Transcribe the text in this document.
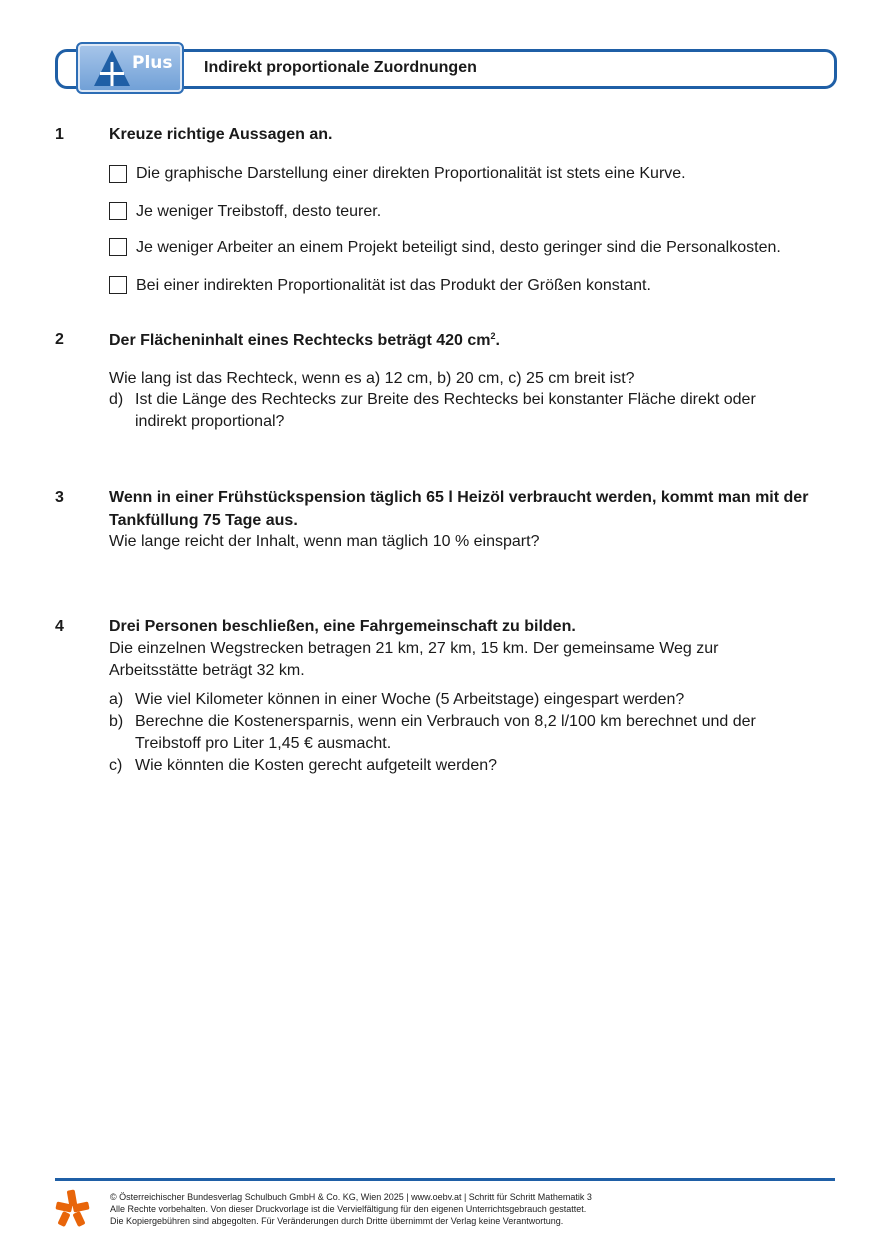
Plus Indirekt proportionale Zuordnungen
1	Kreuze richtige Aussagen an.
Die graphische Darstellung einer direkten Proportionalität ist stets eine Kurve.
Je weniger Treibstoff, desto teurer.
Je weniger Arbeiter an einem Projekt beteiligt sind, desto geringer sind die Personalkosten.
Bei einer indirekten Proportionalität ist das Produkt der Größen konstant.
2	Der Flächeninhalt eines Rechtecks beträgt 420 $cm^2$.
Wie lang ist das Rechteck, wenn es a) 12 cm, b) 20 cm, c) 25 cm breit ist?
d) Ist die Länge des Rechtecks zur Breite des Rechtecks bei konstanter Fläche direkt oder
indirekt proportional?
3	Wenn in einer Frühstückspension täglich 65 l Heizöl verbraucht werden, kommt man mit der
Tankfüllung 75 Tage aus.
Wie lange reicht der Inhalt, wenn man täglich 10 % einspart?
4	Drei Personen beschließen, eine Fahrgemeinschaft zu bilden.
Die einzelnen Wegstrecken betragen 21 km, 27 km, 15 km. Der gemeinsame Weg zur
Arbeitsstätte beträgt 32 km.
a) Wie viel Kilometer können in einer Woche (5 Arbeitstage) eingespart werden?
b) Berechne die Kostenersparnis, wenn ein Verbrauch von 8,2 l/100 km berechnet und der
Treibstoff pro Liter 1,45 € ausmacht.
c) Wie könnten die Kosten gerecht aufgeteilt werden?
© Österreichischer Bundesverlag Schulbuch GmbH & Co. KG, Wien 2025 | www.oebv.at | Schritt für Schritt Mathematik 3
Alle Rechte vorbehalten. Von dieser Druckvorlage ist die Vervielfältigung für den eigenen Unterrichtsgebrauch gestattet.
Die Kopiergebühren sind abgegolten. Für Veränderungen durch Dritte übernimmt der Verlag keine Verantwortung.
